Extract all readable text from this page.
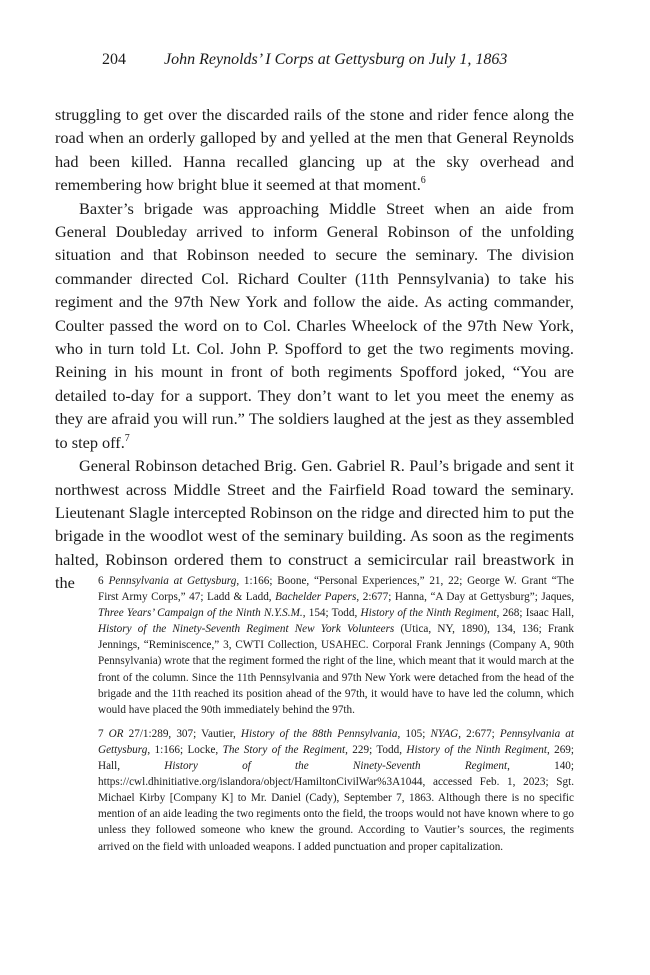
204 John Reynolds’ I Corps at Gettysburg on July 1, 1863

struggling to get over the discarded rails of the stone and rider fence along the road when an orderly galloped by and yelled at the men that General Reynolds had been killed. Hanna recalled glancing up at the sky overhead and remembering how bright blue it seemed at that moment.$^6$

Baxter’s brigade was approaching Middle Street when an aide from General Doubleday arrived to inform General Robinson of the unfolding situation and that Robinson needed to secure the seminary. The division commander directed Col. Richard Coulter (11th Pennsylvania) to take his regiment and the 97th New York and follow the aide. As acting commander, Coulter passed the word on to Col. Charles Wheelock of the 97th New York, who in turn told Lt. Col. John P. Spofford to get the two regiments moving. Reining in his mount in front of both regiments Spofford joked, “You are detailed to-day for a support. They don’t want to let you meet the enemy as they are afraid you will run.” The soldiers laughed at the jest as they assembled to step off.$^7$

General Robinson detached Brig. Gen. Gabriel R. Paul’s brigade and sent it northwest across Middle Street and the Fairfield Road toward the seminary. Lieutenant Slagle intercepted Robinson on the ridge and directed him to put the brigade in the woodlot west of the seminary building. As soon as the regiments halted, Robinson ordered them to construct a semicircular rail breastwork in the	6 Pennsylvania at Gettysburg, 1:166; Boone, “Personal Experiences,” 21, 22; George W. Grant “The First Army Corps,” 47; Ladd & Ladd, Bachelder Papers, 2:677; Hanna, “A Day at Gettysburg”; Jaques, Three Years’ Campaign of the Ninth N.Y.S.M., 154; Todd, History of the Ninth Regiment, 268; Isaac Hall, History of the Ninety-Seventh Regiment New York Volunteers (Utica, NY, 1890), 134, 136; Frank Jennings, “Reminiscence,” 3, CWTI Collection, USAHEC. Corporal Frank Jennings (Company A, 90th Pennsylvania) wrote that the regiment formed the right of the line, which meant that it would march at the front of the column. Since the 11th Pennsylvania and 97th New York were detached from the head of the brigade and the 11th reached its position ahead of the 97th, it would have to have led the column, which would have placed the 90th immediately behind the 97th.
7 OR 27/1:289, 307; Vautier, History of the 88th Pennsylvania, 105; NYAG, 2:677; Pennsylvania at Gettysburg, 1:166; Locke, The Story of the Regiment, 229; Todd, History of the Ninth Regiment, 269; Hall, History of the Ninety-Seventh Regiment, 140; https://cwl.dhinitiative.org/islandora/object/HamiltonCivilWar%3A1044, accessed Feb. 1, 2023; Sgt. Michael Kirby [Company K] to Mr. Daniel (Cady), September 7, 1863. Although there is no specific mention of an aide leading the two regiments onto the field, the troops would not have known where to go unless they followed someone who knew the ground. According to Vautier’s sources, the regiments arrived on the field with unloaded weapons. I added punctuation and proper capitalization.
